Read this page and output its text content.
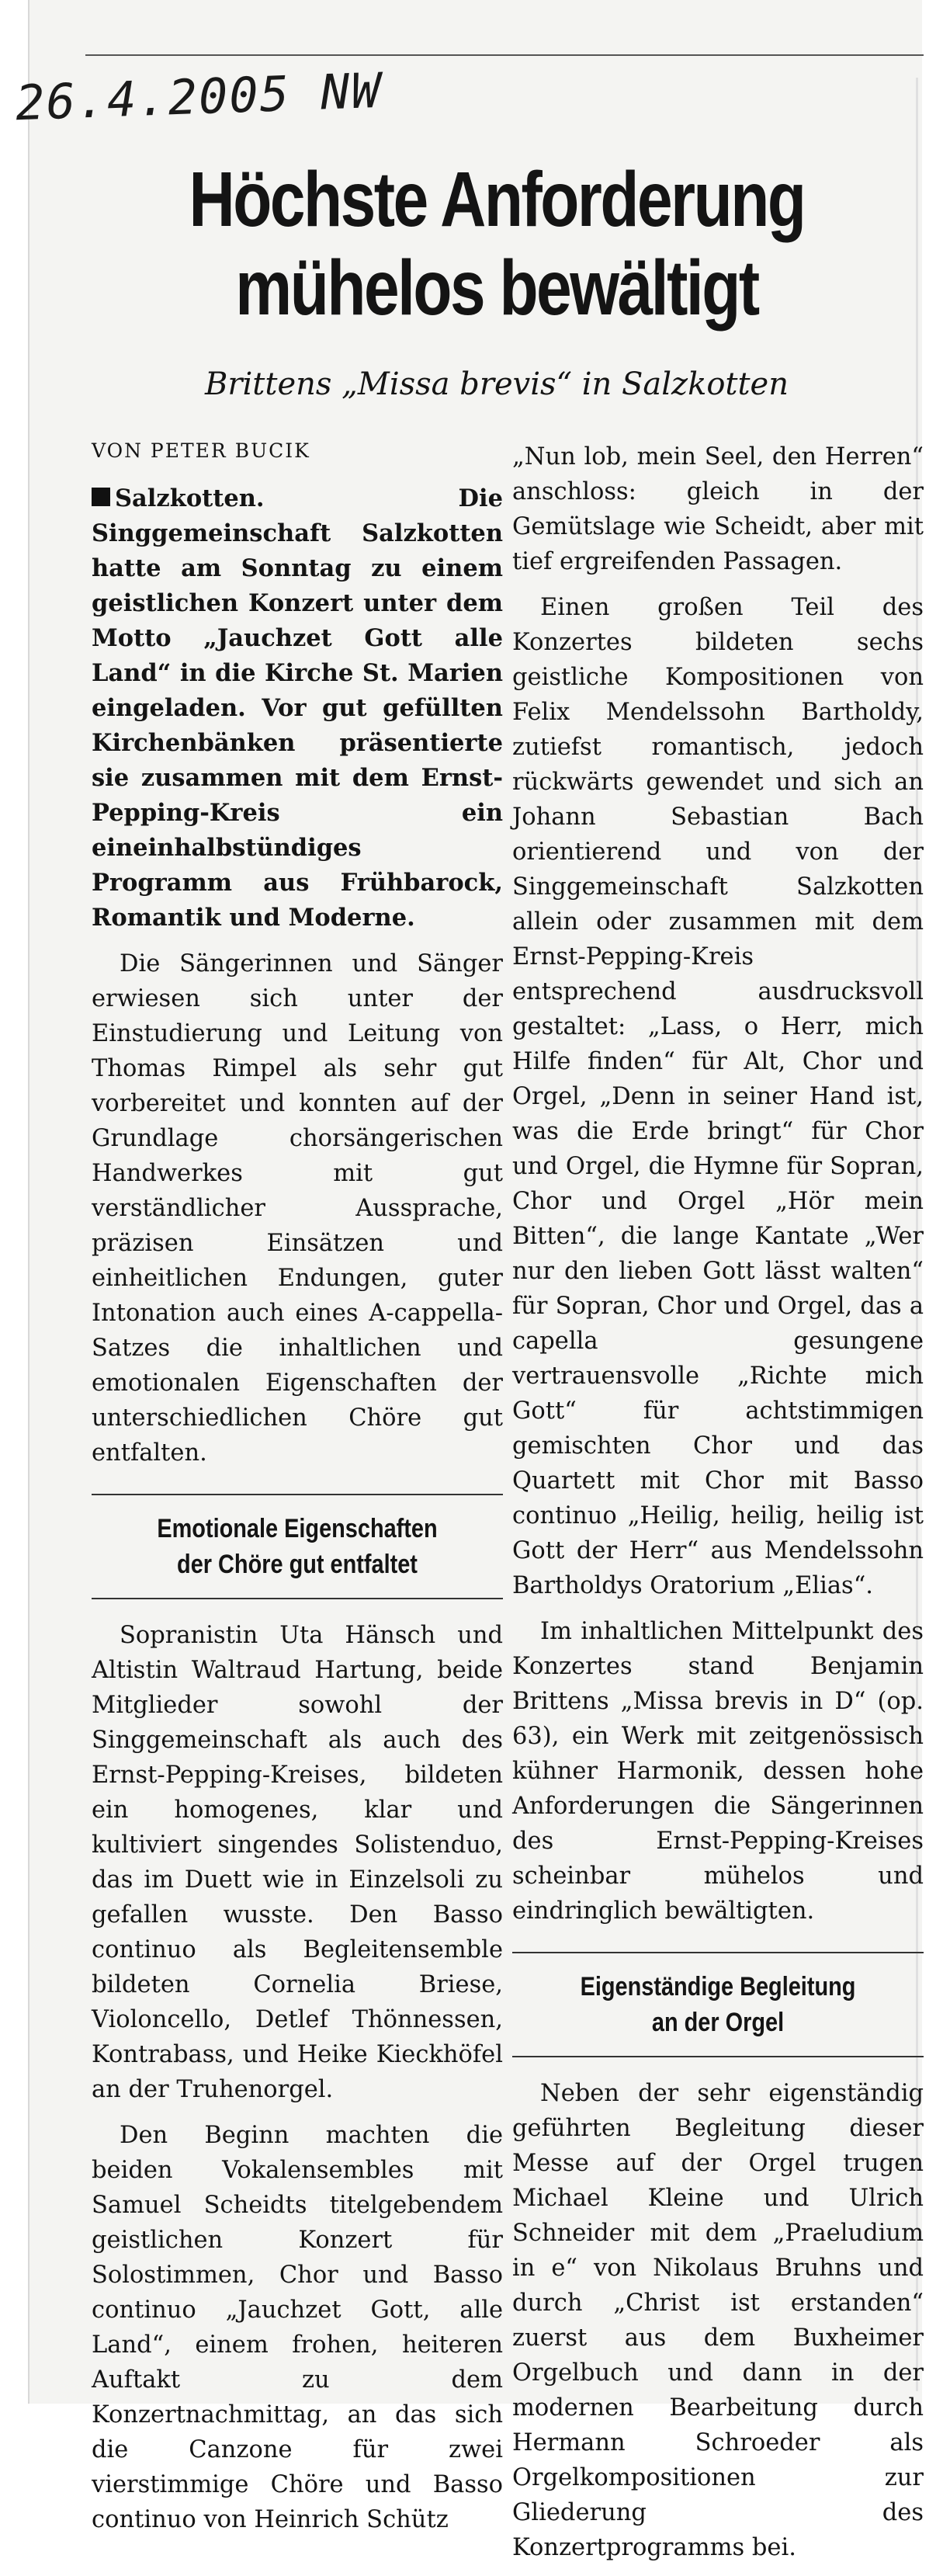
26.4.2005 NW
Höchste Anforderung
mühelos bewältigt
Brittens „Missa brevis“ in Salzkotten
VON PETER BUCIK

Salzkotten. Die Singgemeinschaft Salzkotten hatte am Sonntag zu einem geistlichen Konzert unter dem Motto „Jauchzet Gott alle Land“ in die Kirche St. Marien eingeladen. Vor gut gefüllten Kirchenbänken präsentierte sie zusammen mit dem Ernst-Pepping-Kreis ein eineinhalbstündiges Programm aus Frühbarock, Romantik und Moderne.

Die Sängerinnen und Sänger erwiesen sich unter der Einstudierung und Leitung von Thomas Rimpel als sehr gut vorbereitet und konnten auf der Grundlage chorsängerischen Handwerkes mit gut verständlicher Aussprache, präzisen Einsätzen und einheitlichen Endungen, guter Intonation auch eines A-cappella-Satzes die inhaltlichen und emotionalen Eigenschaften der unterschiedlichen Chöre gut entfalten.

Emotionale Eigenschaften
der Chöre gut entfaltet

Sopranistin Uta Hänsch und Altistin Waltraud Hartung, beide Mitglieder sowohl der Singgemeinschaft als auch des Ernst-Pepping-Kreises, bildeten ein homogenes, klar und kultiviert singendes Solistenduo, das im Duett wie in Einzelsoli zu gefallen wusste. Den Basso continuo als Begleitensemble bildeten Cornelia Briese, Violoncello, Detlef Thönnessen, Kontrabass, und Heike Kieckhöfel an der Truhenorgel.

Den Beginn machten die beiden Vokalensembles mit Samuel Scheidts titelgebendem geistlichen Konzert für Solostimmen, Chor und Basso continuo „Jauchzet Gott, alle Land“, einem frohen, heiteren Auftakt zu dem Konzertnachmittag, an das sich die Canzone für zwei vierstimmige Chöre und Basso continuo von Heinrich Schütz

„Nun lob, mein Seel, den Herren“ anschloss: gleich in der Gemütslage wie Scheidt, aber mit tief ergreifenden Passagen.

Einen großen Teil des Konzertes bildeten sechs geistliche Kompositionen von Felix Mendelssohn Bartholdy, zutiefst romantisch, jedoch rückwärts gewendet und sich an Johann Sebastian Bach orientierend und von der Singgemeinschaft Salzkotten allein oder zusammen mit dem Ernst-Pepping-Kreis entsprechend ausdrucksvoll gestaltet: „Lass, o Herr, mich Hilfe finden“ für Alt, Chor und Orgel, „Denn in seiner Hand ist, was die Erde bringt“ für Chor und Orgel, die Hymne für Sopran, Chor und Orgel „Hör mein Bitten“, die lange Kantate „Wer nur den lieben Gott lässt walten“ für Sopran, Chor und Orgel, das a capella gesungene vertrauensvolle „Richte mich Gott“ für achtstimmigen gemischten Chor und das Quartett mit Chor mit Basso continuo „Heilig, heilig, heilig ist Gott der Herr“ aus Mendelssohn Bartholdys Oratorium „Elias“.

Im inhaltlichen Mittelpunkt des Konzertes stand Benjamin Brittens „Missa brevis in D“ (op. 63), ein Werk mit zeitgenössisch kühner Harmonik, dessen hohe Anforderungen die Sängerinnen des Ernst-Pepping-Kreises scheinbar mühelos und eindringlich bewältigten.

Eigenständige Begleitung
an der Orgel

Neben der sehr eigenständig geführten Begleitung dieser Messe auf der Orgel trugen Michael Kleine und Ulrich Schneider mit dem „Praeludium in e“ von Nikolaus Bruhns und durch „Christ ist erstanden“ zuerst aus dem Buxheimer Orgelbuch und dann in der modernen Bearbeitung durch Hermann Schroeder als Orgelkompositionen zur Gliederung des Konzertprogramms bei.
